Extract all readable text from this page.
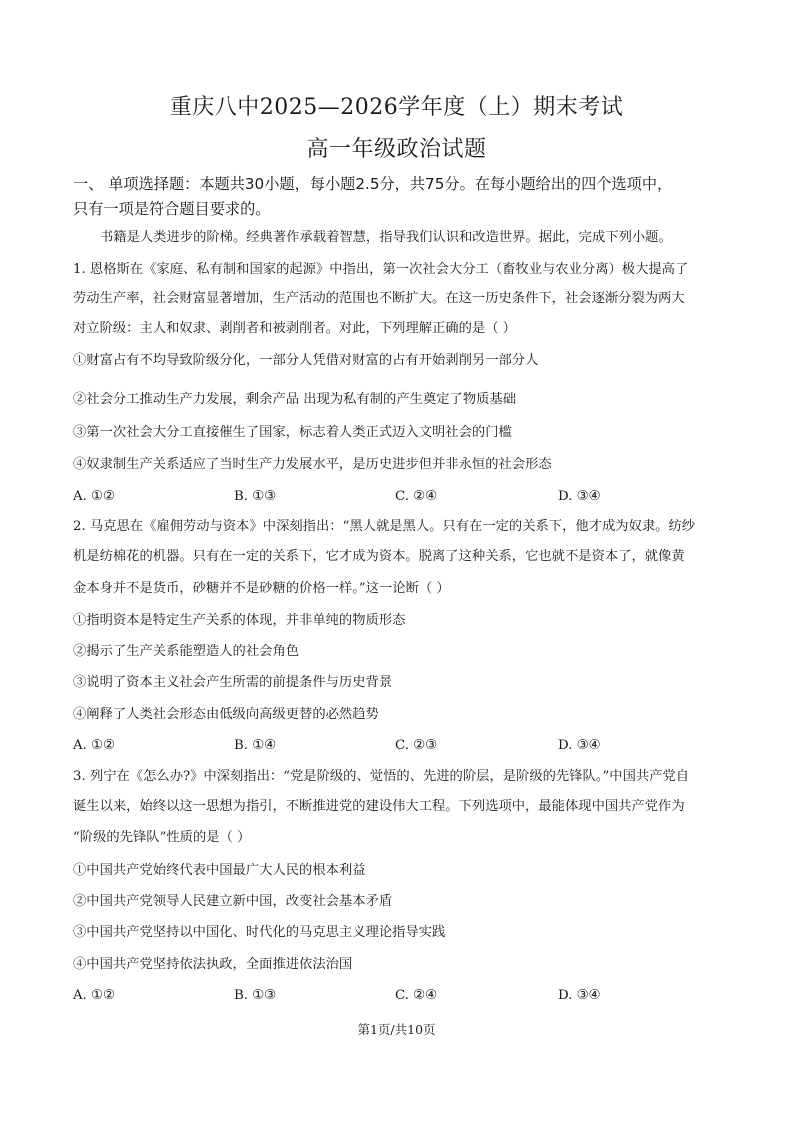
重庆八中2025—2026学年度（上）期末考试
高一年级政治试题
一、 单项选择题：本题共30小题，每小题2.5分，共75分。在每小题给出的四个选项中，
只有一项是符合题目要求的。
书籍是人类进步的阶梯。经典著作承载着智慧，指导我们认识和改造世界。据此，完成下列小题。
1. 恩格斯在《家庭、私有制和国家的起源》中指出，第一次社会大分工（畜牧业与农业分离）极大提高了
劳动生产率，社会财富显著增加，生产活动的范围也不断扩大。在这一历史条件下，社会逐渐分裂为两大
对立阶级：主人和奴隶、剥削者和被剥削者。对此，下列理解正确的是（ ）
①财富占有不均导致阶级分化，一部分人凭借对财富的占有开始剥削另一部分人
②社会分工推动生产力发展，剩余产品 出现为私有制的产生奠定了物质基础
③第一次社会大分工直接催生了国家，标志着人类正式迈入文明社会的门槛
④奴隶制生产关系适应了当时生产力发展水平，是历史进步但并非永恒的社会形态
A. ①②	B. ①③	C. ②④	D. ③④
2. 马克思在《雇佣劳动与资本》中深刻指出：“黑人就是黑人。只有在一定的关系下，他才成为奴隶。纺纱
机是纺棉花的机器。只有在一定的关系下，它才成为资本。脱离了这种关系，它也就不是资本了，就像黄
金本身并不是货币，砂糖并不是砂糖的价格一样。”这一论断（ ）
①指明资本是特定生产关系的体现，并非单纯的物质形态
②揭示了生产关系能塑造人的社会角色
③说明了资本主义社会产生所需的前提条件与历史背景
④阐释了人类社会形态由低级向高级更替的必然趋势
A. ①②	B. ①④	C. ②③	D. ③④
3. 列宁在《怎么办?》中深刻指出：“党是阶级的、觉悟的、先进的阶层，是阶级的先锋队。”中国共产党自
诞生以来，始终以这一思想为指引，不断推进党的建设伟大工程。下列选项中，最能体现中国共产党作为
“阶级的先锋队”性质的是（ ）
①中国共产党始终代表中国最广大人民的根本利益
②中国共产党领导人民建立新中国，改变社会基本矛盾
③中国共产党坚持以中国化、时代化的马克思主义理论指导实践
④中国共产党坚持依法执政，全面推进依法治国
A. ①②	B. ①③	C. ②④	D. ③④
第1页/共10页
